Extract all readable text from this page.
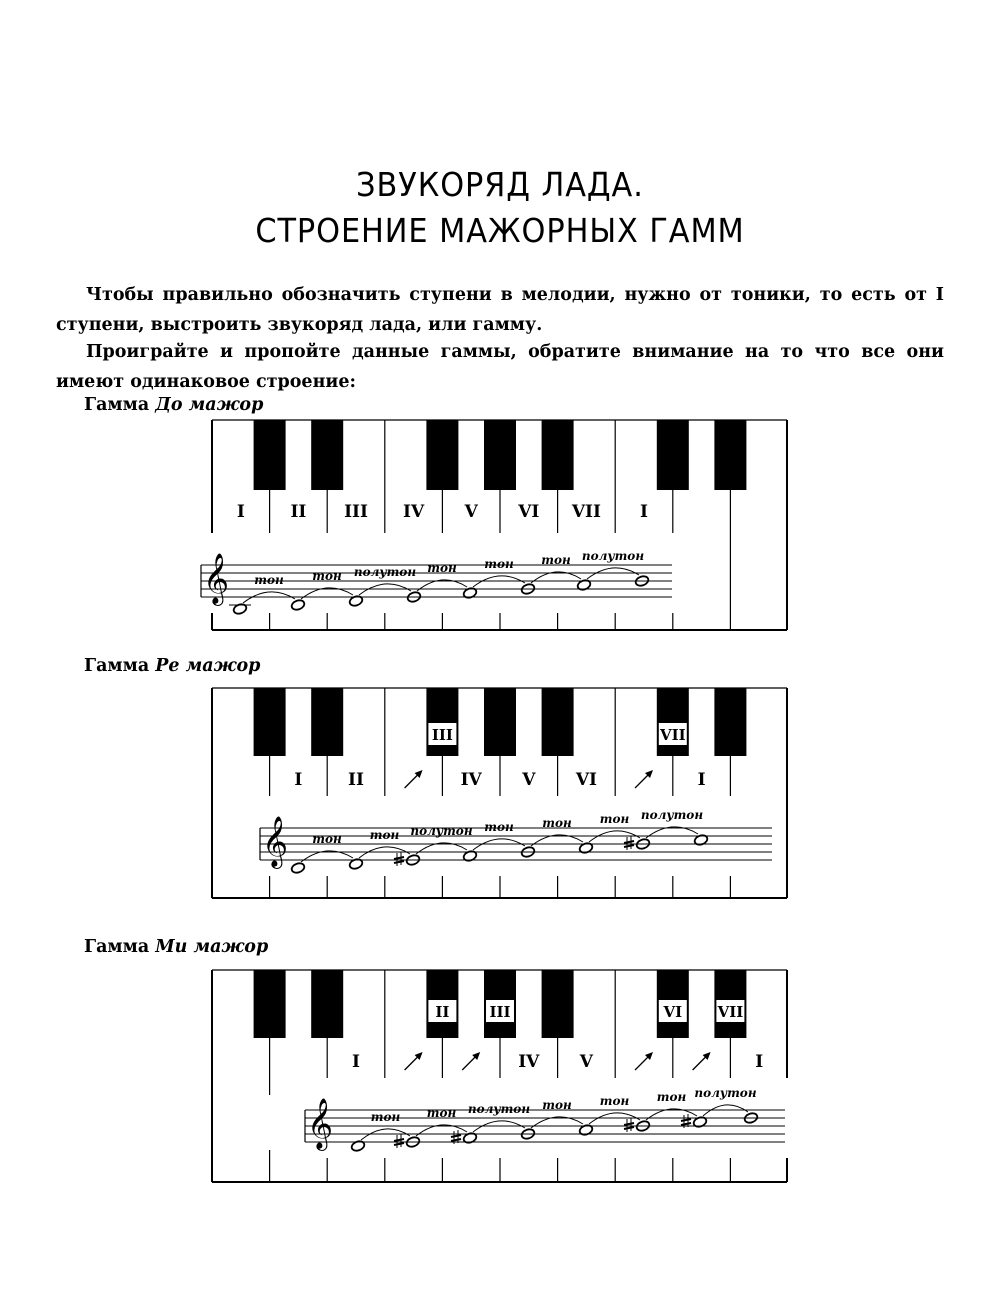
ЗВУКОРЯД ЛАДА.
СТРОЕНИЕ МАЖОРНЫХ ГАММ
Чтобы правильно обозначить ступени в мелодии, нужно от тоники, то есть от I ступени, выстроить звукоряд лада, или гамму.
Проиграйте и пропойте данные гаммы, обратите внимание на то что все они имеют одинаковое строение:
Гамма До мажор
I	II III IV V VI VII I
𝄞 тон тон полутон тон тон тон полутон
Гамма Ре мажор
III	VII
I	II	IV V VI	I
𝄞 тон тон полутон тон тон тон полутон
Гамма Ми мажор
II	III	VI VII
I	IV V	I
𝄞	тон тон полутон тон тон тон полутон
